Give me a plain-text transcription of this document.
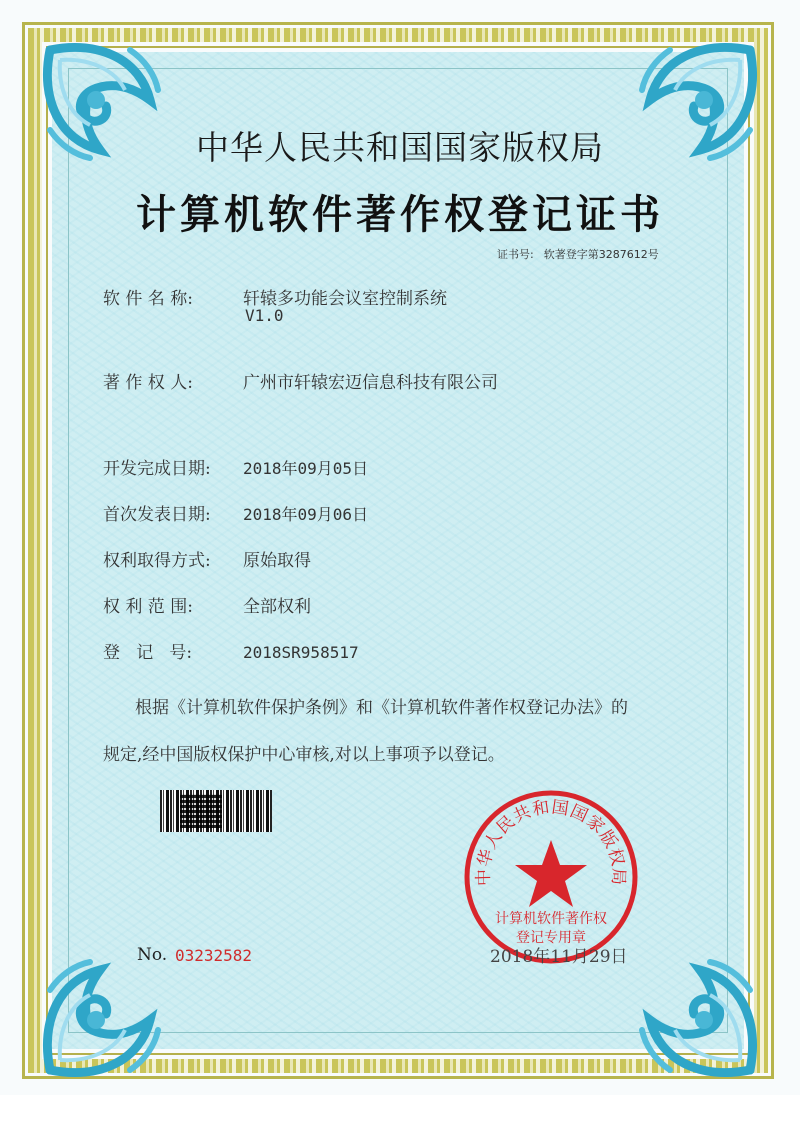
中华人民共和国国家版权局
计算机软件著作权登记证书
证书号: 软著登字第3287612号
软 件 名 称:	轩辕多功能会议室控制系统
V1.0
著 作 权 人:	广州市轩辕宏迈信息科技有限公司
开发完成日期: 2018年09月05日
首次发表日期: 2018年09月06日
权利取得方式: 原始取得
权 利 范 围:	全部权利
登   记   号:	2018SR958517
根据《计算机软件保护条例》和《计算机软件著作权登记办法》的
规定,经中国版权保护中心审核,对以上事项予以登记。
中华人民共和国国家版权局
计算机软件著作权
登记专用章
No. 03232582	2018年11月29日
